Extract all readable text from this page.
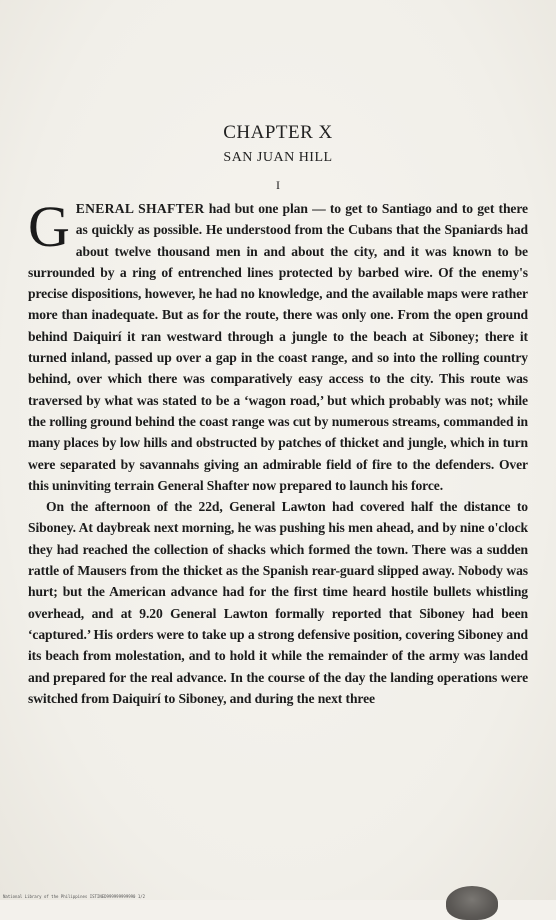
CHAPTER X
SAN JUAN HILL
I

GENERAL SHAFTER had but one plan — to get to Santiago and to get there as quickly as possible. He understood from the Cubans that the Spaniards had about twelve thousand men in and about the city, and it was known to be surrounded by a ring of entrenched lines protected by barbed wire. Of the enemy's precise dispositions, however, he had no knowledge, and the available maps were rather more than inadequate. But as for the route, there was only one. From the open ground behind Daiquirí it ran westward through a jungle to the beach at Siboney; there it turned inland, passed up over a gap in the coast range, and so into the rolling country behind, over which there was comparatively easy access to the city. This route was traversed by what was stated to be a ‘wagon road,’ but which probably was not; while the rolling ground behind the coast range was cut by numerous streams, commanded in many places by low hills and obstructed by patches of thicket and jungle, which in turn were separated by savannahs giving an admirable field of fire to the defenders. Over this uninviting terrain General Shafter now prepared to launch his force.

On the afternoon of the 22d, General Lawton had covered half the distance to Siboney. At daybreak next morning, he was pushing his men ahead, and by nine o'clock they had reached the collection of shacks which formed the town. There was a sudden rattle of Mausers from the thicket as the Spanish rear-guard slipped away. Nobody was hurt; but the American advance had for the first time heard hostile bullets whistling overhead, and at 9.20 General Lawton formally reported that Siboney had been ‘captured.’ His orders were to take up a strong defensive position, covering Siboney and its beach from molestation, and to hold it while the remainder of the army was landed and prepared for the real advance. In the course of the day the landing operations were switched from Daiquirí to Siboney, and during the next three

National Library of the Philippines ISTINED999999999990 1/2
